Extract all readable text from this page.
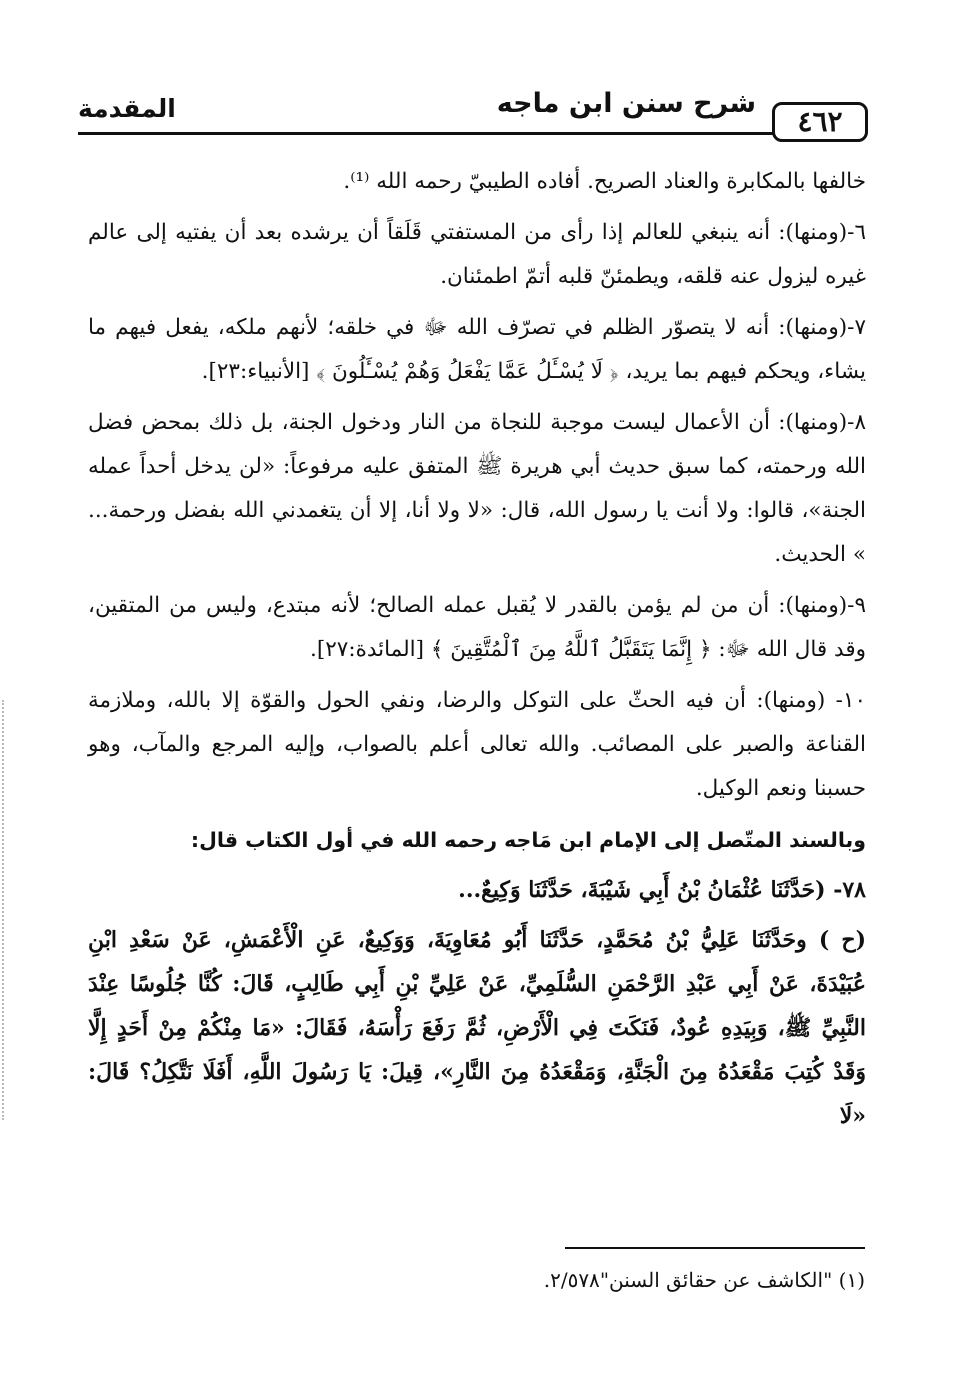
٤٦٢
شرح سنن ابن ماجه
المقدمة

خالفها بالمكابرة والعناد الصريح. أفاده الطيبيّ رحمه الله ⁽¹⁾.

٦-(ومنها): أنه ينبغي للعالم إذا رأى من المستفتي قَلَقاً أن يرشده بعد أن يفتيه إلى عالم غيره ليزول عنه قلقه، ويطمئنّ قلبه أتمّ اطمئنان.

٧-(ومنها): أنه لا يتصوّر الظلم في تصرّف الله ﷻ في خلقه؛ لأنهم ملكه، يفعل فيهم ما يشاء، ويحكم فيهم بما يريد، ﴿ لَا يُسْـَٔلُ عَمَّا يَفْعَلُ وَهُمْ يُسْـَٔلُونَ ﴾ [الأنبياء:٢٣].

٨-(ومنها): أن الأعمال ليست موجبة للنجاة من النار ودخول الجنة، بل ذلك بمحض فضل الله ورحمته، كما سبق حديث أبي هريرة ﷺ المتفق عليه مرفوعاً: «لن يدخل أحداً عمله الجنة»، قالوا: ولا أنت يا رسول الله، قال: «لا ولا أنا، إلا أن يتغمدني الله بفضل ورحمة... » الحديث.

٩-(ومنها): أن من لم يؤمن بالقدر لا يُقبل عمله الصالح؛ لأنه مبتدع، وليس من المتقين، وقد قال الله ﷻ: ﴿ إِنَّمَا يَتَقَبَّلُ ٱللَّهُ مِنَ ٱلْمُتَّقِينَ ﴾ [المائدة:٢٧].

١٠- (ومنها): أن فيه الحثّ على التوكل والرضا، ونفي الحول والقوّة إلا بالله، وملازمة القناعة والصبر على المصائب. والله تعالى أعلم بالصواب، وإليه المرجع والمآب، وهو حسبنا ونعم الوكيل.

وبالسند المتّصل إلى الإمام ابن مَاجه رحمه الله في أول الكتاب قال:

٧٨- (حَدَّثَنَا عُثْمَانُ بْنُ أَبِي شَيْبَةَ، حَدَّثَنَا وَكِيعٌ...

(ح ) وحَدَّثَنَا عَلِيُّ بْنُ مُحَمَّدٍ، حَدَّثَنَا أَبُو مُعَاوِيَةَ، وَوَكِيعٌ، عَنِ الْأَعْمَشِ، عَنْ سَعْدِ ابْنِ عُبَيْدَةَ، عَنْ أَبِي عَبْدِ الرَّحْمَنِ السُّلَمِيِّ، عَنْ عَلِيِّ بْنِ أَبِي طَالِبٍ، قَالَ: كُنَّا جُلُوسًا عِنْدَ النَّبِيِّ ﷺ، وَبِيَدِهِ عُودٌ، فَنَكَتَ فِي الْأَرْضِ، ثُمَّ رَفَعَ رَأْسَهُ، فَقَالَ: «مَا مِنْكُمْ مِنْ أَحَدٍ إِلَّا وَقَدْ كُتِبَ مَقْعَدُهُ مِنَ الْجَنَّةِ، وَمَقْعَدُهُ مِنَ النَّارِ»، قِيلَ: يَا رَسُولَ اللَّهِ، أَفَلَا نَتَّكِلُ؟ قَالَ: «لَا

(١) "الكاشف عن حقائق السنن"٢/٥٧٨.
